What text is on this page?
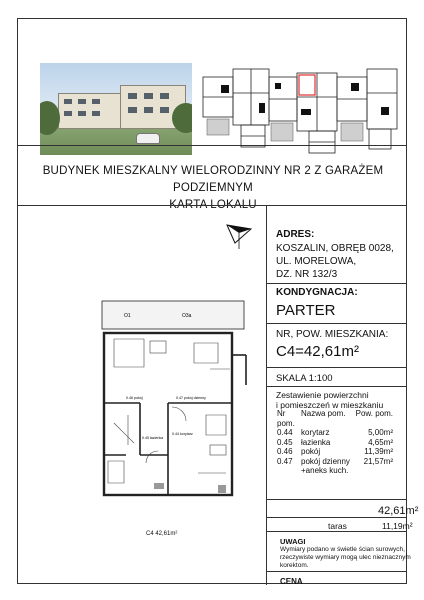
BUDYNEK MIESZKALNY WIELORODZINNY NR 2 Z GARAŻEM PODZIEMNYM
KARTA LOKALU
O1	O3a
0.46 pokój	0.47 pokój dzienny
0.45 łazienka
0.44 korytarz
C4 42,61m²
ADRES:
KOSZALIN, OBRĘB 0028,
UL. MORELOWA,
DZ. NR 132/3
KONDYGNACJA:
PARTER
NR, POW. MIESZKANIA:
C4=42,61m²
SKALA 1:100
Zestawienie powierzchni
i pomieszczeń w mieszkaniu
Nr pom.	Nazwa pom.	Pow. pom.
0.44	korytarz	5,00m²
0.45	łazienka	4,65m²
0.46	pokój	11,39m²
0.47	pokój dzienny
+aneks kuch.	21,57m²
42,61m²
taras	11,19m²
UWAGI
Wymiary podano w świetle ścian surowych, rzeczywiste wymiary mogą ulec nieznacznym korektom.
CENA
